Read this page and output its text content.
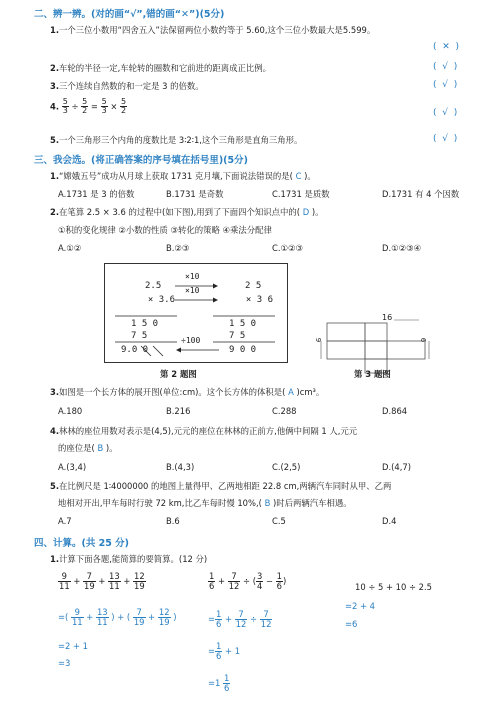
二、辨一辨。(对的画“√”,错的画“✕”)(5分)
1.一个三位小数用“四舍五入”法保留两位小数约等于 5.60,这个三位小数最大是5.599。
(  ✕  )
2.车轮的半径一定,车轮转的圈数和它前进的距离成正比例。	(  √  )
3.三个连续自然数的和一定是 3 的倍数。	(  √  )
4. $\frac{5}{3} \div \frac{5}{2} = \frac{5}{3} \times \frac{5}{2}$	(  √  )
5.一个三角形三个内角的度数比是 3∶2∶1,这个三角形是直角三角形。	(  √  )
三、我会选。(将正确答案的序号填在括号里)(5分)
1.“嫦娥五号”成功从月球上获取 1731 克月壤,下面说法错误的是( C )。
A.1731 是 3 的倍数	B.1731 是奇数	C.1731 是质数	D.1731 有 4 个因数
2.在笔算 2.5 × 3.6 的过程中(如下图),用到了下面四个知识点中的( D )。
①积的变化规律 ②小数的性质 ③转化的策略 ④乘法分配律
A.①②	B.②③	C.①②③	D.①②③④
×10
×10
÷100
2.5
× 3.6
1 5 0
7 5
9.0 0
2 5
× 3 6
1 5 0
7 5
9 0 0
第 2 题图
16
9	6
第 3 题图
3.如图是一个长方体的展开图(单位:cm)。这个长方体的体积是( A )cm³。
A.180	B.216	C.288	D.864
4.林林的座位用数对表示是(4,5),元元的座位在林林的正前方,他俩中间隔 1 人,元元
的座位是( B )。
A.(3,4)	B.(4,3)	C.(2,5)	D.(4,7)
5.在比例尺是 1∶4000000 的地图上量得甲、乙两地相距 22.8 cm,两辆汽车同时从甲、乙两
地相对开出,甲车每时行驶 72 km,比乙车每时慢 10%,( B )时后两辆汽车相遇。
A.7	B.6	C.5	D.4
四、计算。(共 25 分)
1.计算下面各题,能简算的要简算。(12 分)
$\frac{9}{11} + \frac{7}{19} + \frac{13}{11} + \frac{12}{19}$
=( $\frac{9}{11} + \frac{13}{11}$ ) + ( $\frac{7}{19} + \frac{12}{19}$ )
=2 + 1
=3
$\frac{1}{6} + \frac{7}{12}$ ÷ ( $\frac{3}{4} - \frac{1}{6}$ )
= $\frac{1}{6} + \frac{7}{12} \div \frac{7}{12}$
= $\frac{1}{6} + 1$
$=1 \frac{1}{6}$
10 ÷ 5 + 10 ÷ 2.5
=2 + 4
=6
